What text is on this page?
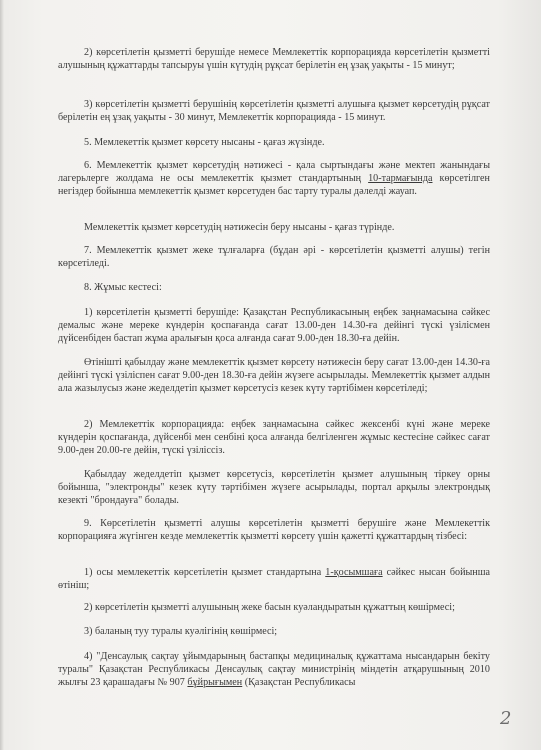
2) көрсетілетін қызметті берушіде немесе Мемлекеттік корпорацияда көрсетілетін қызметті алушының құжаттарды тапсыруы үшін күтудің рұқсат берілетін ең ұзақ уақыты - 15 минут;

3) көрсетілетін қызметті берушінің көрсетілетін қызметті алушыға қызмет көрсетудің рұқсат берілетін ең ұзақ уақыты - 30 минут, Мемлекеттік корпорацияда - 15 минут.

5. Мемлекеттік қызмет көрсету нысаны - қағаз жүзінде.

6. Мемлекеттік қызмет көрсетудің нәтижесі - қала сыртындағы және мектеп жанындағы лагерьлерге жолдама не осы мемлекеттік қызмет стандартының 10-тармағында көрсетілген негіздер бойынша мемлекеттік қызмет көрсетуден бас тарту туралы дәлелді жауап.

Мемлекеттік қызмет көрсетудің нәтижесін беру нысаны - қағаз түрінде.

7. Мемлекеттік қызмет жеке тұлғаларға (бұдан әрі - көрсетілетін қызметті алушы) тегін көрсетіледі.

8. Жұмыс кестесі:

1) көрсетілетін қызметті берушіде: Қазақстан Республикасының еңбек заңнамасына сәйкес демалыс және мереке күндерін қоспағанда сағат 13.00-ден 14.30-ға дейінгі түскі үзілісмен дүйсенбіден бастап жұма аралығын қоса алғанда сағат 9.00-ден 18.30-ға дейін.

Өтінішті қабылдау және мемлекеттік қызмет көрсету нәтижесін беру сағат 13.00-ден 14.30-ға дейінгі түскі үзіліспен сағат 9.00-ден 18.30-ға дейін жүзеге асырылады. Мемлекеттік қызмет алдын ала жазылусыз және жеделдетіп қызмет көрсетусіз кезек күту тәртібімен көрсетіледі;

2) Мемлекеттік корпорацияда: еңбек заңнамасына сәйкес жексенбі күні және мереке күндерін қоспағанда, дүйсенбі мен сенбіні қоса алғанда белгіленген жұмыс кестесіне сәйкес сағат 9.00-ден 20.00-ге дейін, түскі үзіліссіз.

Қабылдау жеделдетіп қызмет көрсетусіз, көрсетілетін қызмет алушының тіркеу орны бойынша, "электронды" кезек күту тәртібімен жүзеге асырылады, портал арқылы электрондық кезекті "брондауға" болады.

9. Көрсетілетін қызметті алушы көрсетілетін қызметті берушіге және Мемлекеттік корпорацияға жүгінген кезде мемлекеттік қызметті көрсету үшін қажетті құжаттардың тізбесі:

1) осы мемлекеттік көрсетілетін қызмет стандартына 1-қосымшаға сәйкес нысан бойынша өтініш;

2) көрсетілетін қызметті алушының жеке басын куәландыратын құжаттың көшірмесі;

3) баланың туу туралы куәлігінің көшірмесі;

4) "Денсаулық сақтау ұйымдарының бастапқы медициналық құжаттама нысандарын бекіту туралы" Қазақстан Республикасы Денсаулық сақтау министрінің міндетін атқарушының 2010 жылғы 23 қарашадағы № 907 бұйрығымен (Қазақстан Республикасы

2
